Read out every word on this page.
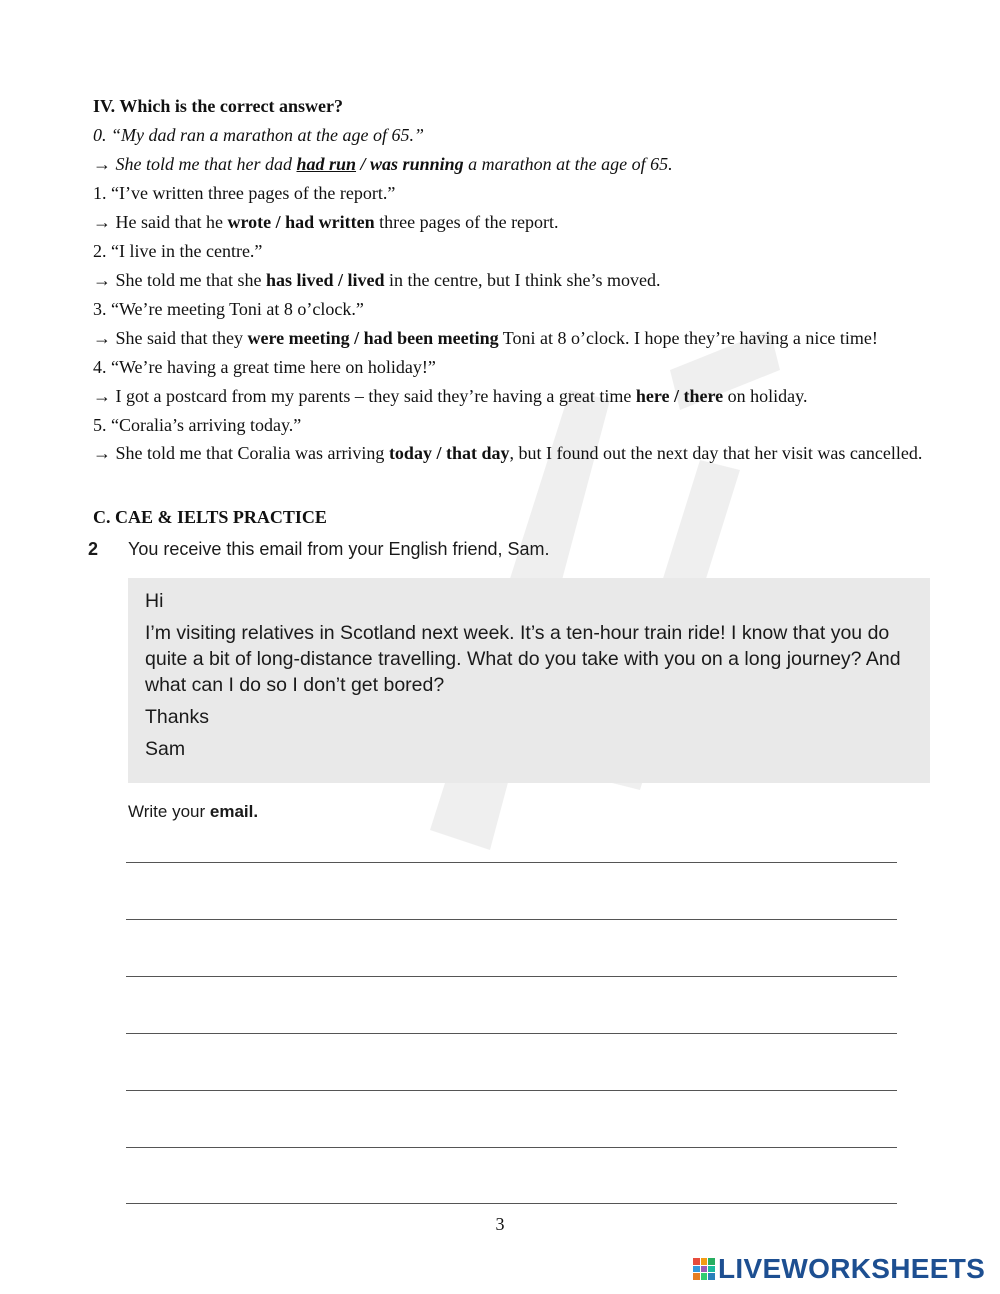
IV. Which is the correct answer?
0. “My dad ran a marathon at the age of 65.”
→ She told me that her dad had run / was running a marathon at the age of 65.
1. “I’ve written three pages of the report.”
→ He said that he wrote / had written three pages of the report.
2. “I live in the centre.”
→ She told me that she has lived / lived in the centre, but I think she’s moved.
3. “We’re meeting Toni at 8 o’clock.”
→ She said that they were meeting / had been meeting Toni at 8 o’clock. I hope they’re having a nice time!
4. “We’re having a great time here on holiday!”
→ I got a postcard from my parents – they said they’re having a great time here / there on holiday.
5. “Coralia’s arriving today.”
→ She told me that Coralia was arriving today / that day, but I found out the next day that her visit was cancelled.
C. CAE & IELTS PRACTICE
2 You receive this email from your English friend, Sam.
Hi
I’m visiting relatives in Scotland next week. It’s a ten-hour train ride! I know that you do quite a bit of long-distance travelling. What do you take with you on a long journey? And what can I do so I don’t get bored?
Thanks
Sam
Write your email.
3
LIVEWORKSHEETS
